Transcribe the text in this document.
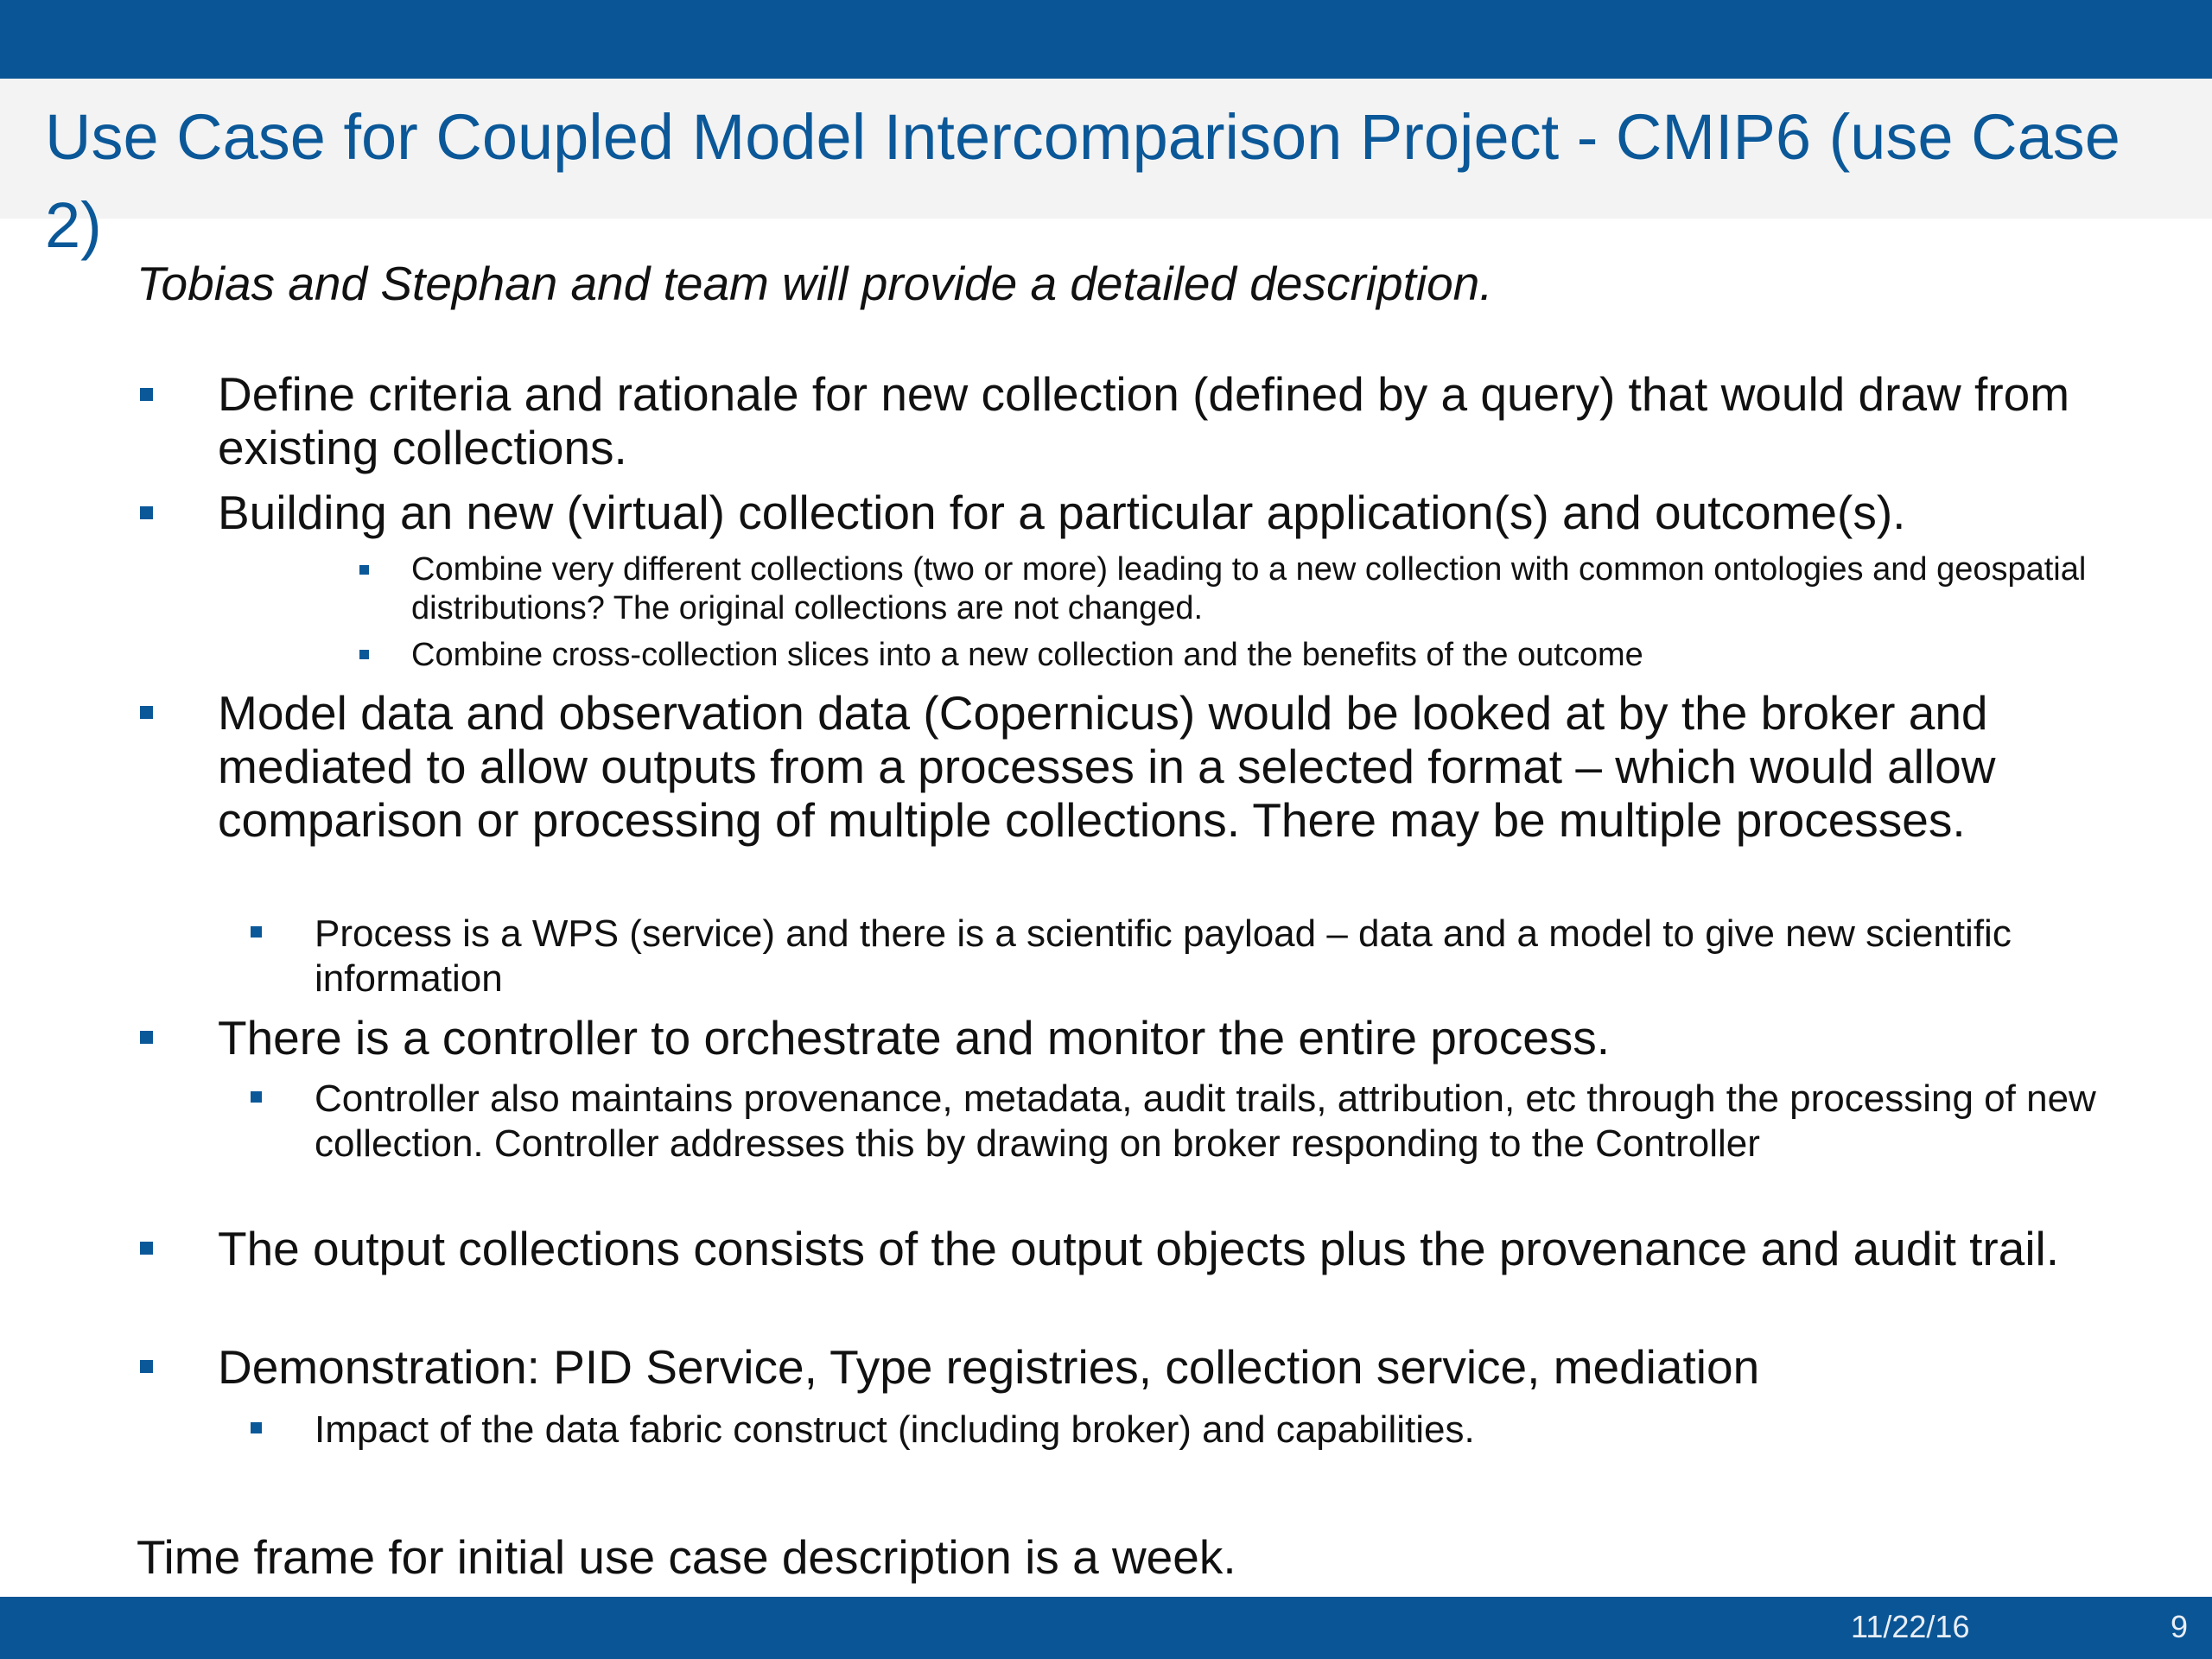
Use Case for Coupled Model Intercomparison Project - CMIP6 (use Case 2)

Tobias and Stephan and team will provide a detailed description.

Define criteria and rationale for new collection (defined by a query) that would draw from existing collections.

Building an new (virtual) collection for a particular application(s) and outcome(s).

Combine very different collections (two or more) leading to a new collection with common ontologies and geospatial distributions? The original collections are not changed.

Combine cross-collection slices into a new collection and the benefits of the outcome

Model data and observation data (Copernicus) would be looked at by the broker and mediated to allow outputs from a processes in a selected format – which would allow comparison or processing of multiple collections. There may be multiple processes.

Process is a WPS (service) and there is a scientific payload – data and a model to give new scientific information

There is a controller to orchestrate and monitor the entire process.

Controller also maintains provenance, metadata, audit trails, attribution, etc through the processing of new collection. Controller addresses this by drawing on broker responding to the Controller

The output collections consists of the output objects plus the provenance and audit trail.

Demonstration: PID Service, Type registries, collection service, mediation

Impact of the data fabric construct (including broker) and capabilities.

Time frame for initial use case description is a week.

11/22/16	9
